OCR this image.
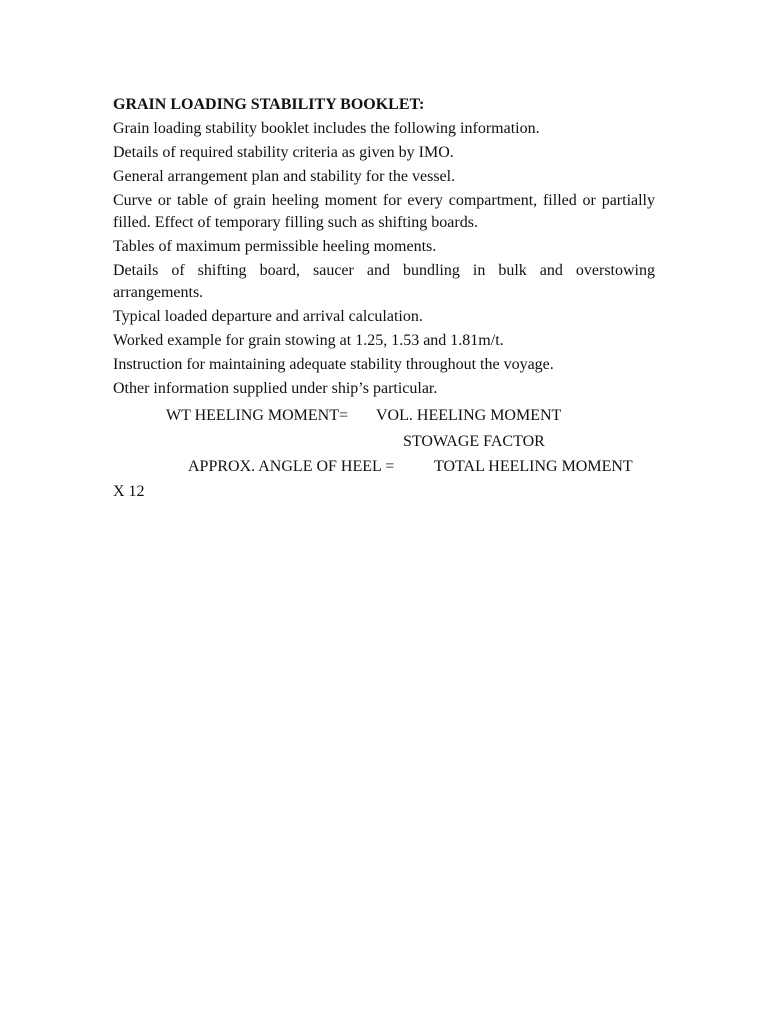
GRAIN LOADING STABILITY BOOKLET:
Grain loading stability booklet includes the following information.
Details of required stability criteria as given by IMO.
General arrangement plan and stability for the vessel.
Curve or table of grain heeling moment for every compartment, filled or partially filled. Effect of temporary filling such as shifting boards.
Tables of maximum permissible heeling moments.
Details of shifting board, saucer and bundling in bulk and overstowing arrangements.
Typical loaded departure and arrival calculation.
Worked example for grain stowing at 1.25, 1.53 and 1.81m/t.
Instruction for maintaining adequate stability throughout the voyage.
Other information supplied under ship’s particular.
WT HEELING MOMENT= VOL. HEELING MOMENT
STOWAGE FACTOR
APPROX. ANGLE OF HEEL = TOTAL HEELING MOMENT
X 12
